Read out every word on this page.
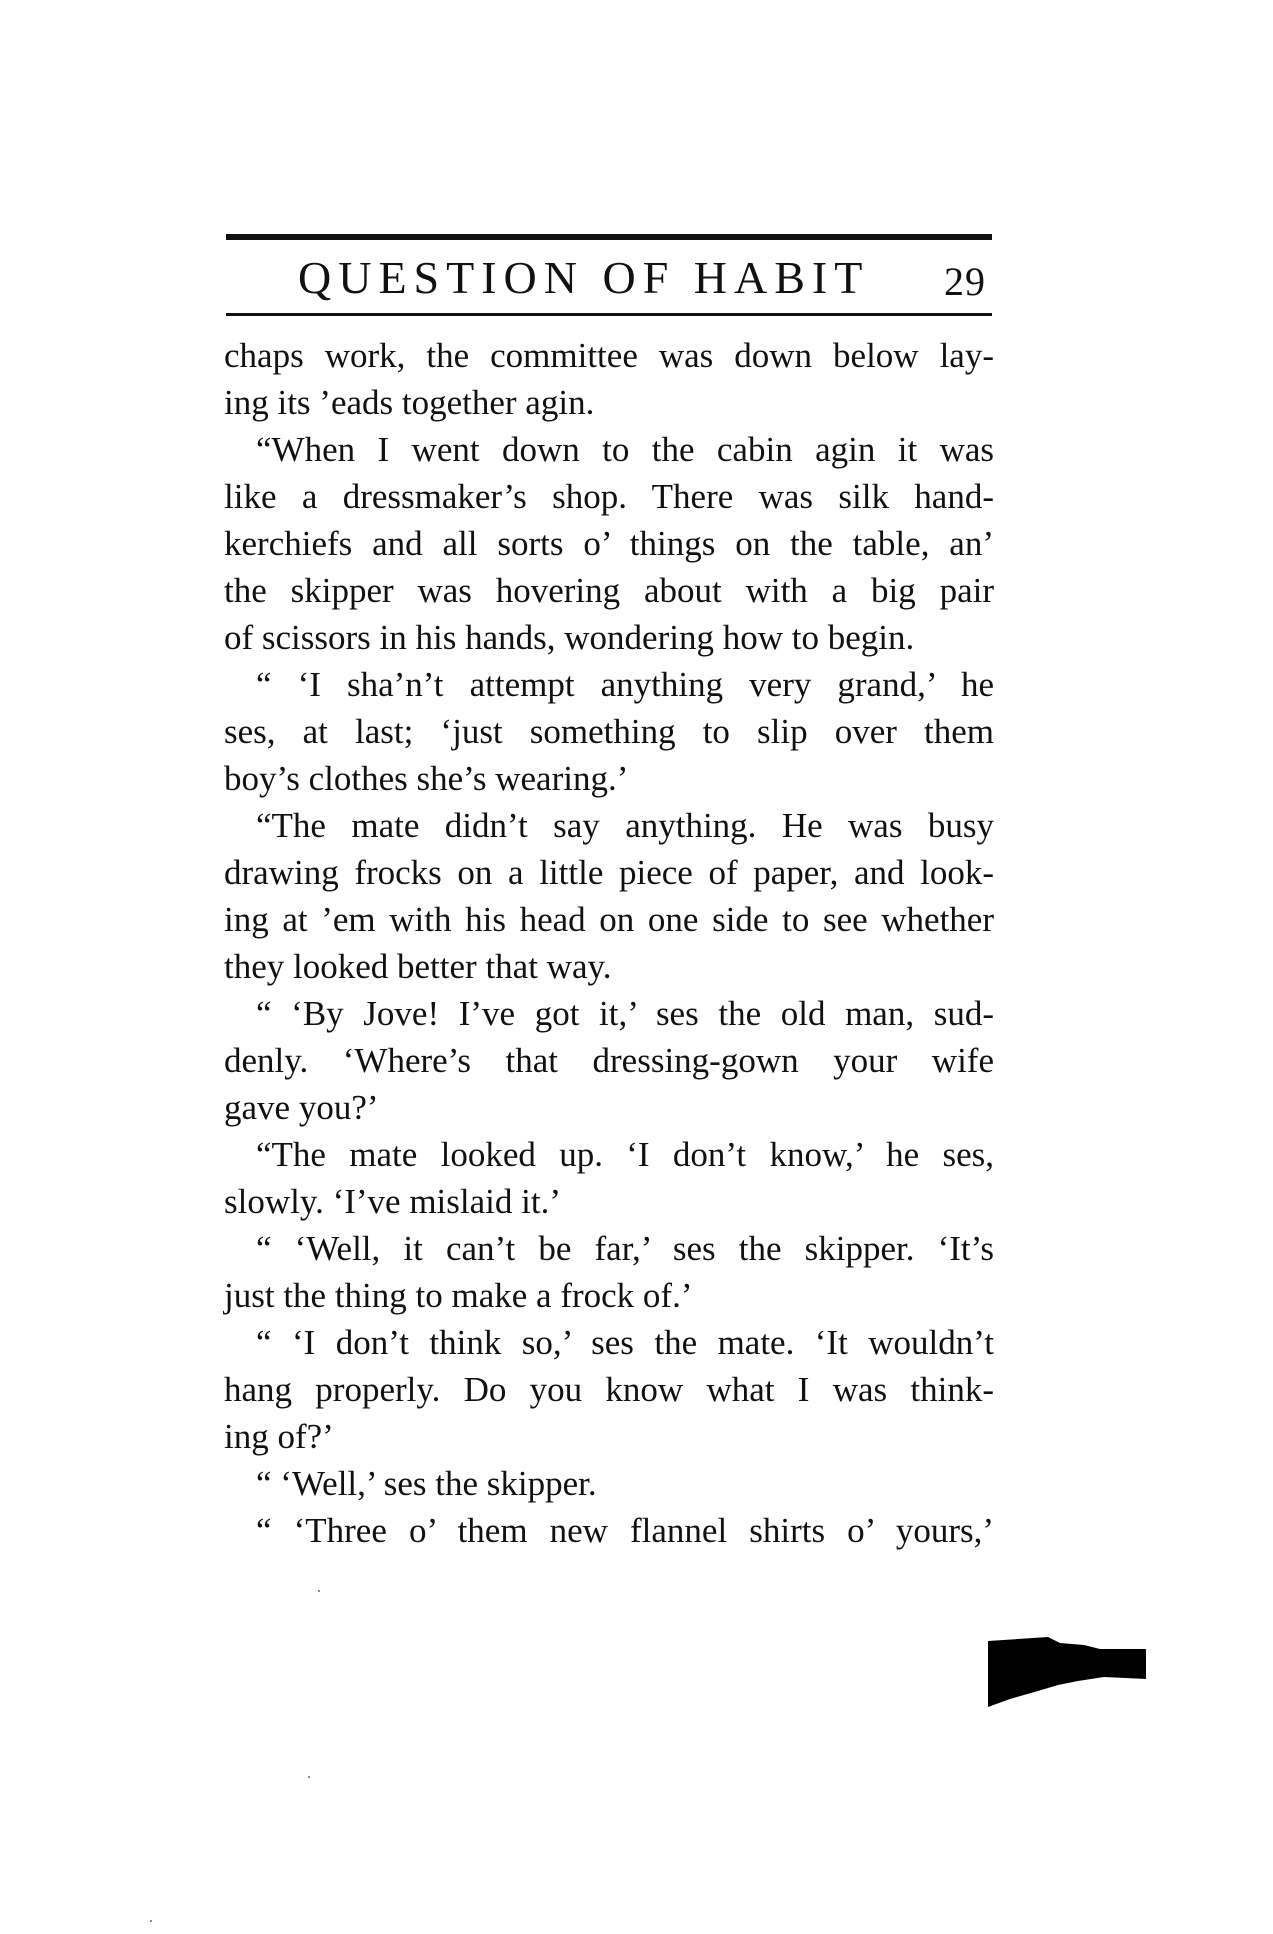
QUESTION OF HABIT 29
chaps work, the committee was down below lay-
ing its ’eads together agin.
“When I went down to the cabin agin it was
like a dressmaker’s shop. There was silk hand-
kerchiefs and all sorts o’ things on the table, an’
the skipper was hovering about with a big pair
of scissors in his hands, wondering how to begin.
“ ‘I sha’n’t attempt anything very grand,’ he
ses, at last; ‘just something to slip over them
boy’s clothes she’s wearing.’
“The mate didn’t say anything. He was busy
drawing frocks on a little piece of paper, and look-
ing at ’em with his head on one side to see whether
they looked better that way.
“ ‘By Jove! I’ve got it,’ ses the old man, sud-
denly. ‘Where’s that dressing-gown your wife
gave you?’
“The mate looked up. ‘I don’t know,’ he ses,
slowly. ‘I’ve mislaid it.’
“ ‘Well, it can’t be far,’ ses the skipper. ‘It’s
just the thing to make a frock of.’
“ ‘I don’t think so,’ ses the mate. ‘It wouldn’t
hang properly. Do you know what I was think-
ing of?’
“ ‘Well,’ ses the skipper.
“ ‘Three o’ them new flannel shirts o’ yours,’
